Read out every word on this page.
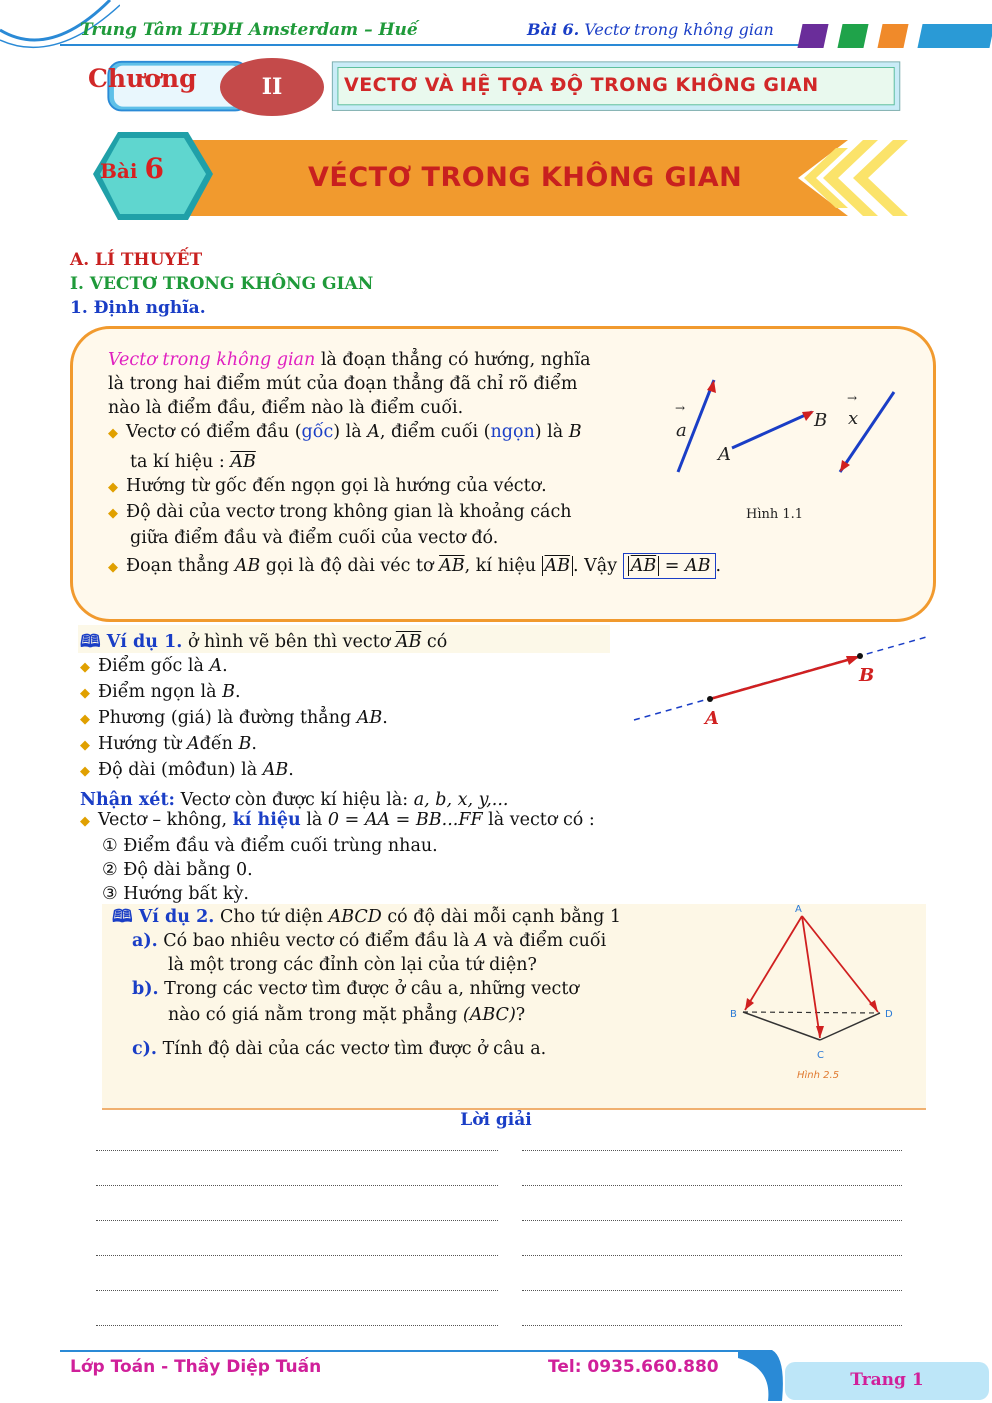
Trung Tâm LTĐH Amsterdam – Huế	Bài 6. Vectơ trong không gian
Chương	II	VECTƠ VÀ HỆ TỌA ĐỘ TRONG KHÔNG GIAN
Bài 6	VÉCTƠ TRONG KHÔNG GIAN
A. LÍ THUYẾT
I. VECTƠ TRONG KHÔNG GIAN
1. Định nghĩa.
Vectơ trong không gian là đoạn thẳng có hướng, nghĩa
là trong hai điểm mút của đoạn thẳng đã chỉ rõ điểm
nào là điểm đầu, điểm nào là điểm cuối.
◆ Vectơ có điểm đầu (gốc) là A, điểm cuối (ngọn) là B
ta kí hiệu : $\overline{AB}$
◆ Hướng từ gốc đến ngọn gọi là hướng của véctơ.
◆ Độ dài của vectơ trong không gian là khoảng cách
giữa điểm đầu và điểm cuối của vectơ đó.
◆ Đoạn thẳng AB gọi là độ dài véc tơ $\overline{AB}$, kí hiệu $\overline{AB}$ . Vậy $\overline{AB}$ = AB .
a
→
A
B x
→
Hình 1.1
🕮 Ví dụ 1. ở hình vẽ bên thì vectơ $\overline{AB}$ có
◆ Điểm gốc là A.
◆ Điểm ngọn là B.
◆ Phương (giá) là đường thẳng AB.
◆ Hướng từ Ađến B.
◆ Độ dài (môđun) là AB.
Nhận xét: Vectơ còn được kí hiệu là: a, b, x, y,...
A
B
◆ Vectơ – không, kí hiệu là 0 = AA = BB...FF là vectơ có :
① Điểm đầu và điểm cuối trùng nhau.
② Độ dài bằng 0.
③ Hướng bất kỳ.
🕮 Ví dụ 2. Cho tứ diện ABCD có độ dài mỗi cạnh bằng 1
a). Có bao nhiêu vectơ có điểm đầu là A và điểm cuối
là một trong các đỉnh còn lại của tứ diện?
b). Trong các vectơ tìm được ở câu a, những vectơ
nào có giá nằm trong mặt phẳng (ABC)?
c). Tính độ dài của các vectơ tìm được ở câu a.
A
B
C
D
Hình 2.5
Lời giải
Lớp Toán - Thầy Diệp Tuấn	Tel: 0935.660.880
Trang 1
